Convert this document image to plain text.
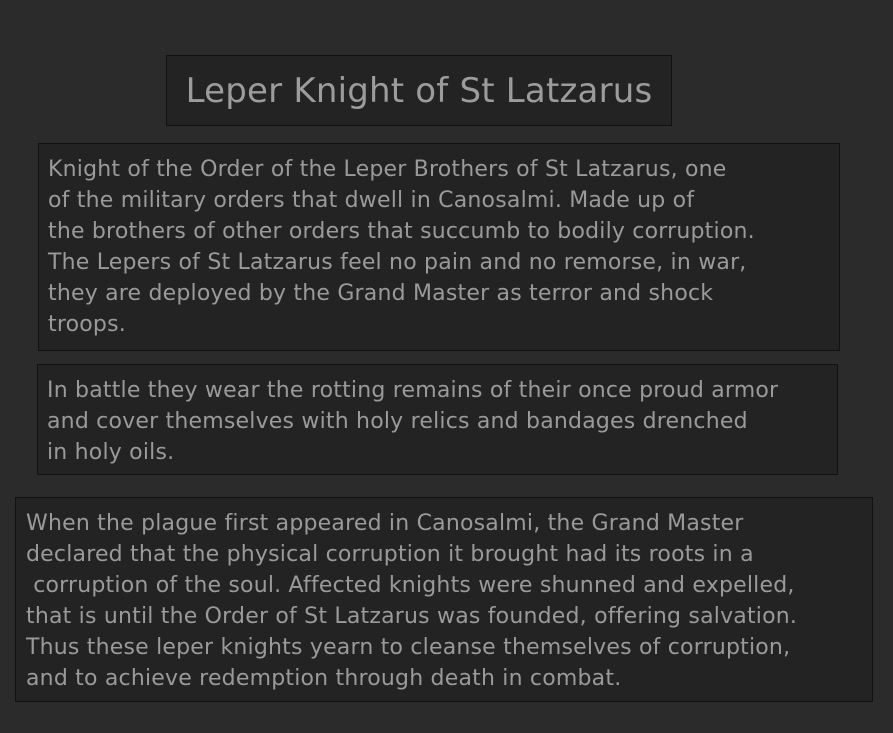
Leper Knight of St Latzarus

Knight of the Order of the Leper Brothers of St Latzarus, one
of the military orders that dwell in Canosalmi. Made up of
the brothers of other orders that succumb to bodily corruption.
The Lepers of St Latzarus feel no pain and no remorse, in war,
they are deployed by the Grand Master as terror and shock
troops.

In battle they wear the rotting remains of their once proud armor
and cover themselves with holy relics and bandages drenched
in holy oils.

When the plague first appeared in Canosalmi, the Grand Master
declared that the physical corruption it brought had its roots in a
corruption of the soul. Affected knights were shunned and expelled,
that is until the Order of St Latzarus was founded, offering salvation.
Thus these leper knights yearn to cleanse themselves of corruption,
and to achieve redemption through death in combat.
